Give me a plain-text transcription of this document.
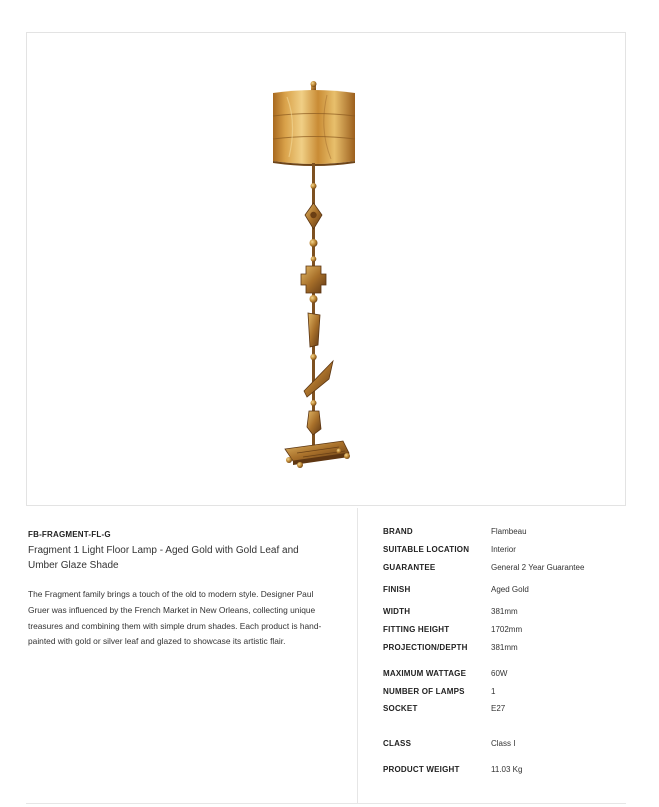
FB-FRAGMENT-FL-G
Fragment 1 Light Floor Lamp - Aged Gold with Gold Leaf and Umber Glaze Shade
The Fragment family brings a touch of the old to modern style. Designer Paul Gruer was influenced by the French Market in New Orleans, collecting unique treasures and combining them with simple drum shades. Each product is hand-painted with gold or silver leaf and glazed to showcase its artistic flair.
BRAND	Flambeau
SUITABLE LOCATION	Interior
GUARANTEE	General 2 Year Guarantee
FINISH	Aged Gold
WIDTH	381mm
FITTING HEIGHT	1702mm
PROJECTION/DEPTH	381mm
MAXIMUM WATTAGE	60W
NUMBER OF LAMPS	1
SOCKET	E27
CLASS	Class I
PRODUCT WEIGHT	11.03 Kg
